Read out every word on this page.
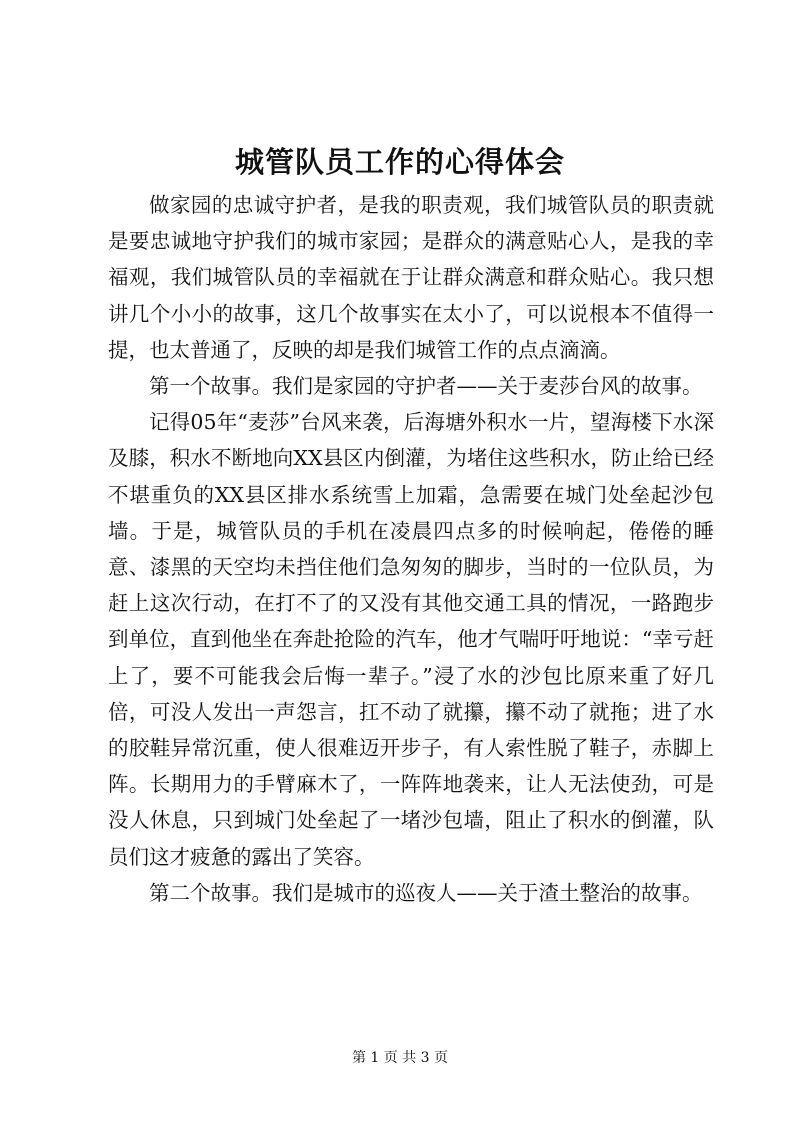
城管队员工作的心得体会

做家园的忠诚守护者，是我的职责观，我们城管队员的职责就是要忠诚地守护我们的城市家园；是群众的满意贴心人，是我的幸福观，我们城管队员的幸福就在于让群众满意和群众贴心。我只想讲几个小小的故事，这几个故事实在太小了，可以说根本不值得一提，也太普通了，反映的却是我们城管工作的点点滴滴。

第一个故事。我们是家园的守护者——关于麦莎台风的故事。

记得05年“麦莎”台风来袭，后海塘外积水一片，望海楼下水深及膝，积水不断地向XX县区内倒灌，为堵住这些积水，防止给已经不堪重负的XX县区排水系统雪上加霜，急需要在城门处垒起沙包墙。于是，城管队员的手机在凌晨四点多的时候响起，倦倦的睡意、漆黑的天空均未挡住他们急匆匆的脚步，当时的一位队员，为赶上这次行动，在打不了的又没有其他交通工具的情况，一路跑步到单位，直到他坐在奔赴抢险的汽车，他才气喘吁吁地说：“幸亏赶上了，要不可能我会后悔一辈子。”浸了水的沙包比原来重了好几倍，可没人发出一声怨言，扛不动了就攥，攥不动了就拖；进了水的胶鞋异常沉重，使人很难迈开步子，有人索性脱了鞋子，赤脚上阵。长期用力的手臂麻木了，一阵阵地袭来，让人无法使劲，可是没人休息，只到城门处垒起了一堵沙包墙，阻止了积水的倒灌，队员们这才疲惫的露出了笑容。

第二个故事。我们是城市的巡夜人——关于渣土整治的故事。

第 1 页 共 3 页
